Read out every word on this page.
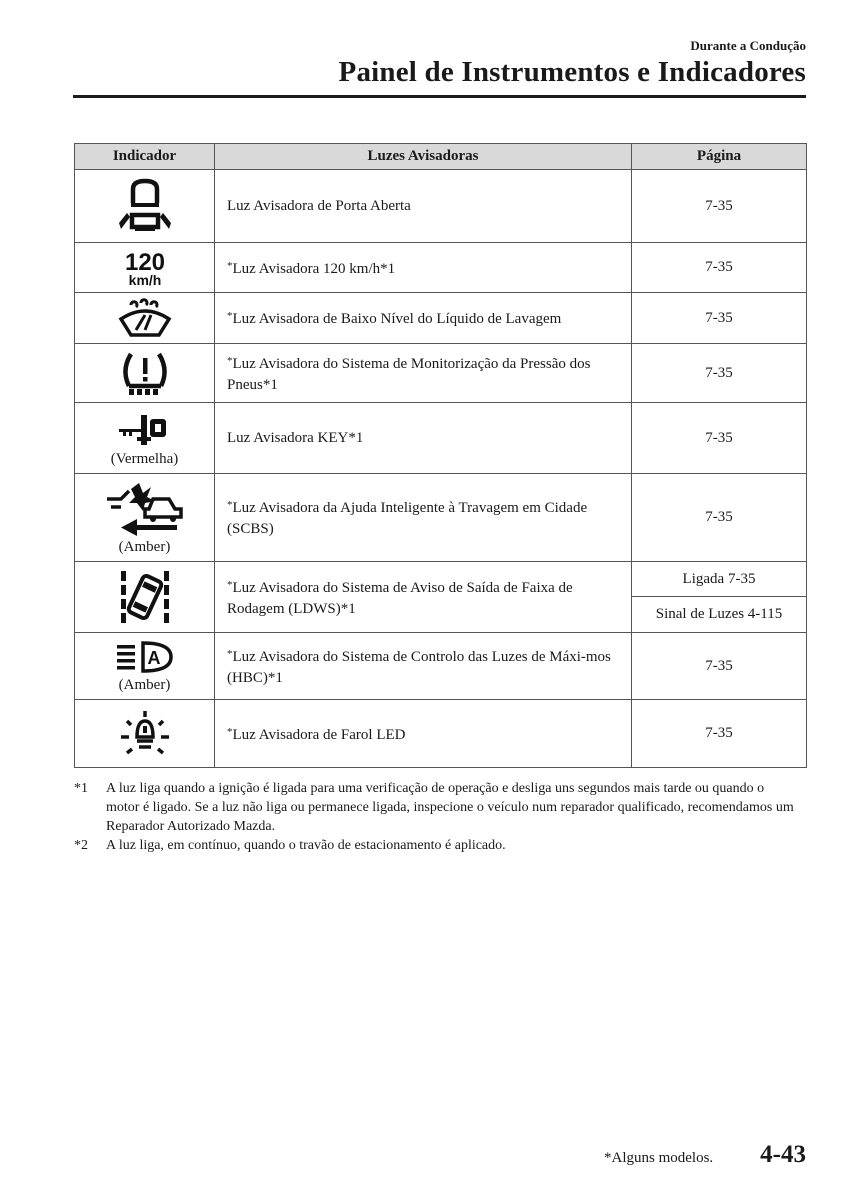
Durante a Condução
Painel de Instrumentos e Indicadores
Indicador	Luzes Avisadoras	Página

	Luz Avisadora de Porta Aberta	7-35

120
km/h	*Luz Avisadora 120 km/h*1	7-35

	*Luz Avisadora de Baixo Nível do Líquido de Lavagem	7-35

	*Luz Avisadora do Sistema de Monitorização da Pressão dos Pneus*1	7-35

(Vermelha)	Luz Avisadora KEY*1	7-35

(Amber)	*Luz Avisadora da Ajuda Inteligente à Travagem em Cidade (SCBS)	7-35

	*Luz Avisadora do Sistema de Aviso de Saída de Faixa de Rodagem (LDWS)*1	Ligada 7-35
		Sinal de Luzes 4-115

A
(Amber)	*Luz Avisadora do Sistema de Controlo das Luzes de Máxi-mos (HBC)*1	7-35

	*Luz Avisadora de Farol LED	7-35
*1	A luz liga quando a ignição é ligada para uma verificação de operação e desliga uns segundos mais tarde ou quando o motor é ligado. Se a luz não liga ou permanece ligada, inspecione o veículo num reparador qualificado, recomendamos um Reparador Autorizado Mazda.
*2	A luz liga, em contínuo, quando o travão de estacionamento é aplicado.
*Alguns modelos. 4-43
